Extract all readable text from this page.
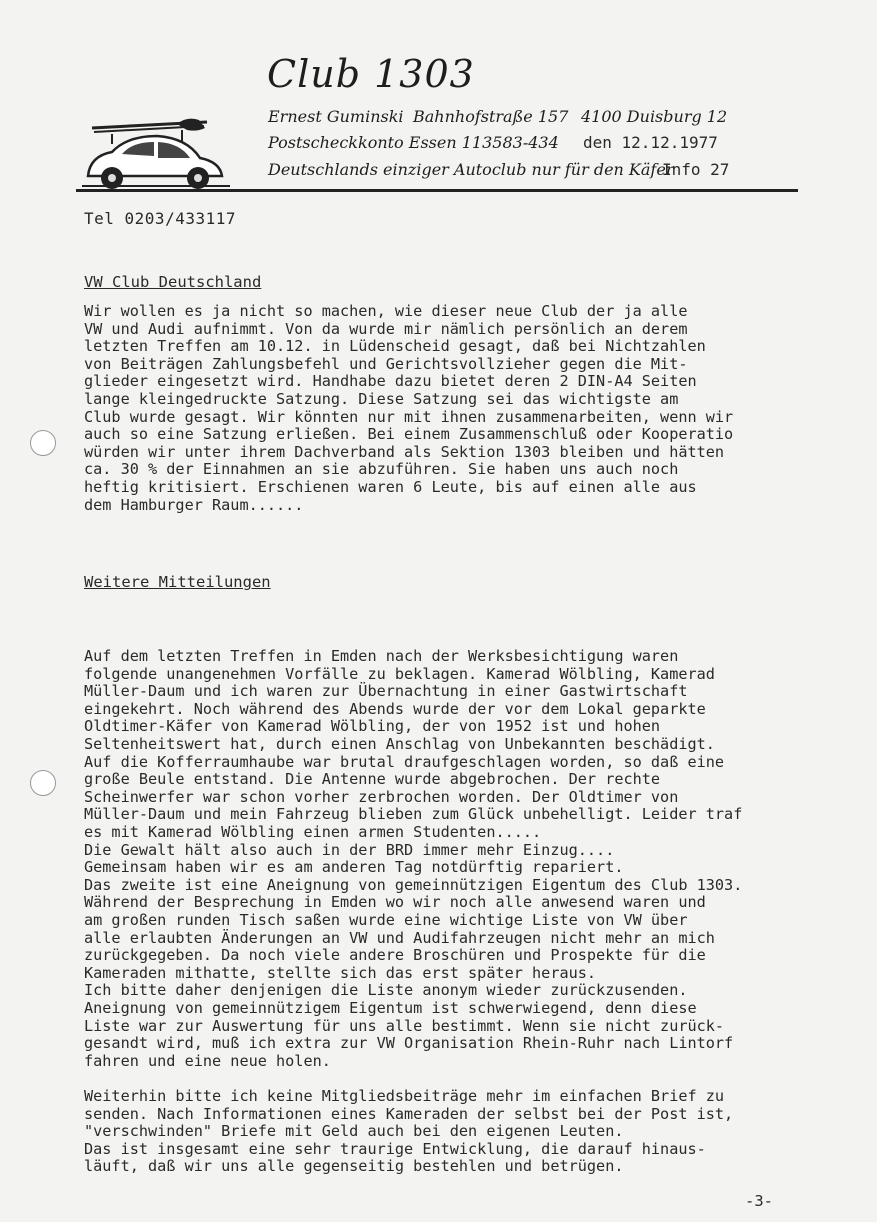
Club 1303
Ernest Guminski Bahnhofstraße 157 4100 Duisburg 12
Postscheckkonto Essen 113583-434 den 12.12.1977
Deutschlands einziger Autoclub nur für den Käfer
Info 27
Tel 0203/433117
VW Club Deutschland
Wir wollen es ja nicht so machen, wie dieser neue Club der ja alle
VW und Audi aufnimmt. Von da wurde mir nämlich persönlich an derem
letzten Treffen am 10.12. in Lüdenscheid gesagt, daß bei Nichtzahlen
von Beiträgen Zahlungsbefehl und Gerichtsvollzieher gegen die Mit-
glieder eingesetzt wird. Handhabe dazu bietet deren 2 DIN-A4 Seiten
lange kleingedruckte Satzung. Diese Satzung sei das wichtigste am
Club wurde gesagt. Wir könnten nur mit ihnen zusammenarbeiten, wenn wir
auch so eine Satzung erließen. Bei einem Zusammenschluß oder Kooperatio
würden wir unter ihrem Dachverband als Sektion 1303 bleiben und hätten
ca. 30 % der Einnahmen an sie abzuführen. Sie haben uns auch noch
heftig kritisiert. Erschienen waren 6 Leute, bis auf einen alle aus
dem Hamburger Raum......
Weitere Mitteilungen
Auf dem letzten Treffen in Emden nach der Werksbesichtigung waren
folgende unangenehmen Vorfälle zu beklagen. Kamerad Wölbling, Kamerad
Müller-Daum und ich waren zur Übernachtung in einer Gastwirtschaft
eingekehrt. Noch während des Abends wurde der vor dem Lokal geparkte
Oldtimer-Käfer von Kamerad Wölbling, der von 1952 ist und hohen
Seltenheitswert hat, durch einen Anschlag von Unbekannten beschädigt.
Auf die Kofferraumhaube war brutal draufgeschlagen worden, so daß eine
große Beule entstand. Die Antenne wurde abgebrochen. Der rechte
Scheinwerfer war schon vorher zerbrochen worden. Der Oldtimer von
Müller-Daum und mein Fahrzeug blieben zum Glück unbehelligt. Leider traf
es mit Kamerad Wölbling einen armen Studenten.....
Die Gewalt hält also auch in der BRD immer mehr Einzug....
Gemeinsam haben wir es am anderen Tag notdürftig repariert.
Das zweite ist eine Aneignung von gemeinnützigen Eigentum des Club 1303.
Während der Besprechung in Emden wo wir noch alle anwesend waren und
am großen runden Tisch saßen wurde eine wichtige Liste von VW über
alle erlaubten Änderungen an VW und Audifahrzeugen nicht mehr an mich
zurückgegeben. Da noch viele andere Broschüren und Prospekte für die
Kameraden mithatte, stellte sich das erst später heraus.
Ich bitte daher denjenigen die Liste anonym wieder zurückzusenden.
Aneignung von gemeinnützigem Eigentum ist schwerwiegend, denn diese
Liste war zur Auswertung für uns alle bestimmt. Wenn sie nicht zurück-
gesandt wird, muß ich extra zur VW Organisation Rhein-Ruhr nach Lintorf
fahren und eine neue holen.
Weiterhin bitte ich keine Mitgliedsbeiträge mehr im einfachen Brief zu
senden. Nach Informationen eines Kameraden der selbst bei der Post ist,
"verschwinden" Briefe mit Geld auch bei den eigenen Leuten.
Das ist insgesamt eine sehr traurige Entwicklung, die darauf hinaus-
läuft, daß wir uns alle gegenseitig bestehlen und betrügen.
-3-
